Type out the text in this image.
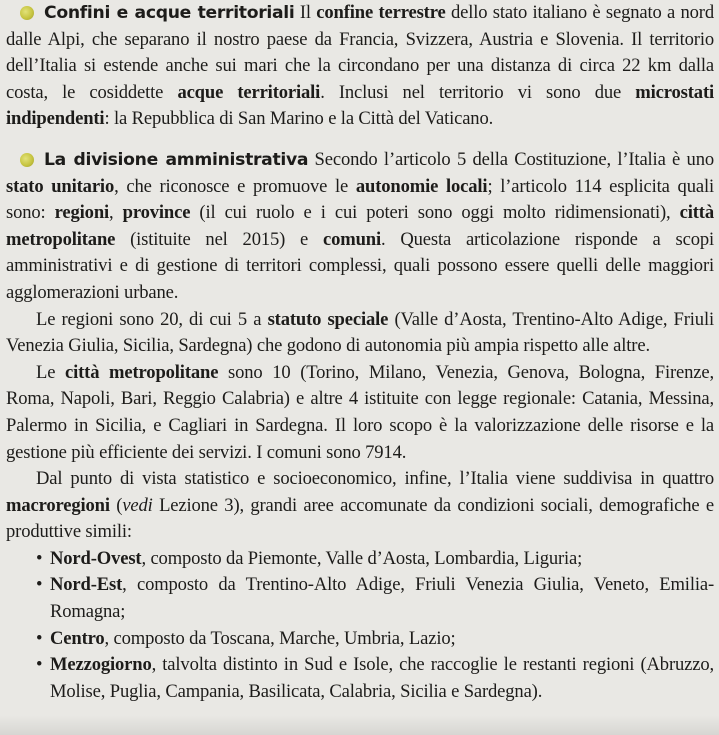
Confini e acque territoriali Il confine terrestre dello stato italiano è segnato a nord dalle Alpi, che separano il nostro paese da Francia, Svizzera, Austria e Slovenia. Il territorio dell’Italia si estende anche sui mari che la circondano per una distanza di circa 22 km dalla costa, le cosiddette acque territoriali. Inclusi nel territorio vi sono due microstati indipendenti: la Repubblica di San Marino e la Città del Vaticano.

La divisione amministrativa Secondo l’articolo 5 della Costituzione, l’Italia è uno stato unitario, che riconosce e promuove le autonomie locali; l’articolo 114 esplicita quali sono: regioni, province (il cui ruolo e i cui poteri sono oggi molto ridimensionati), città metropolitane (istituite nel 2015) e comuni. Questa articolazione risponde a scopi amministrativi e di gestione di territori complessi, quali possono essere quelli delle maggiori agglomerazioni urbane.

Le regioni sono 20, di cui 5 a statuto speciale (Valle d’Aosta, Trentino-Alto Adige, Friuli Venezia Giulia, Sicilia, Sardegna) che godono di autonomia più ampia rispetto alle altre.

Le città metropolitane sono 10 (Torino, Milano, Venezia, Genova, Bologna, Firenze, Roma, Napoli, Bari, Reggio Calabria) e altre 4 istituite con legge regionale: Catania, Messina, Palermo in Sicilia, e Cagliari in Sardegna. Il loro scopo è la valorizzazione delle risorse e la gestione più efficiente dei servizi. I comuni sono 7914.

Dal punto di vista statistico e socioeconomico, infine, l’Italia viene suddivisa in quattro macroregioni (vedi Lezione 3), grandi aree accomunate da condizioni sociali, demografiche e produttive simili:

• Nord-Ovest, composto da Piemonte, Valle d’Aosta, Lombardia, Liguria;
• Nord-Est, composto da Trentino-Alto Adige, Friuli Venezia Giulia, Veneto, Emilia-Romagna;
• Centro, composto da Toscana, Marche, Umbria, Lazio;
• Mezzogiorno, talvolta distinto in Sud e Isole, che raccoglie le restanti regioni (Abruzzo, Molise, Puglia, Campania, Basilicata, Calabria, Sicilia e Sardegna).
